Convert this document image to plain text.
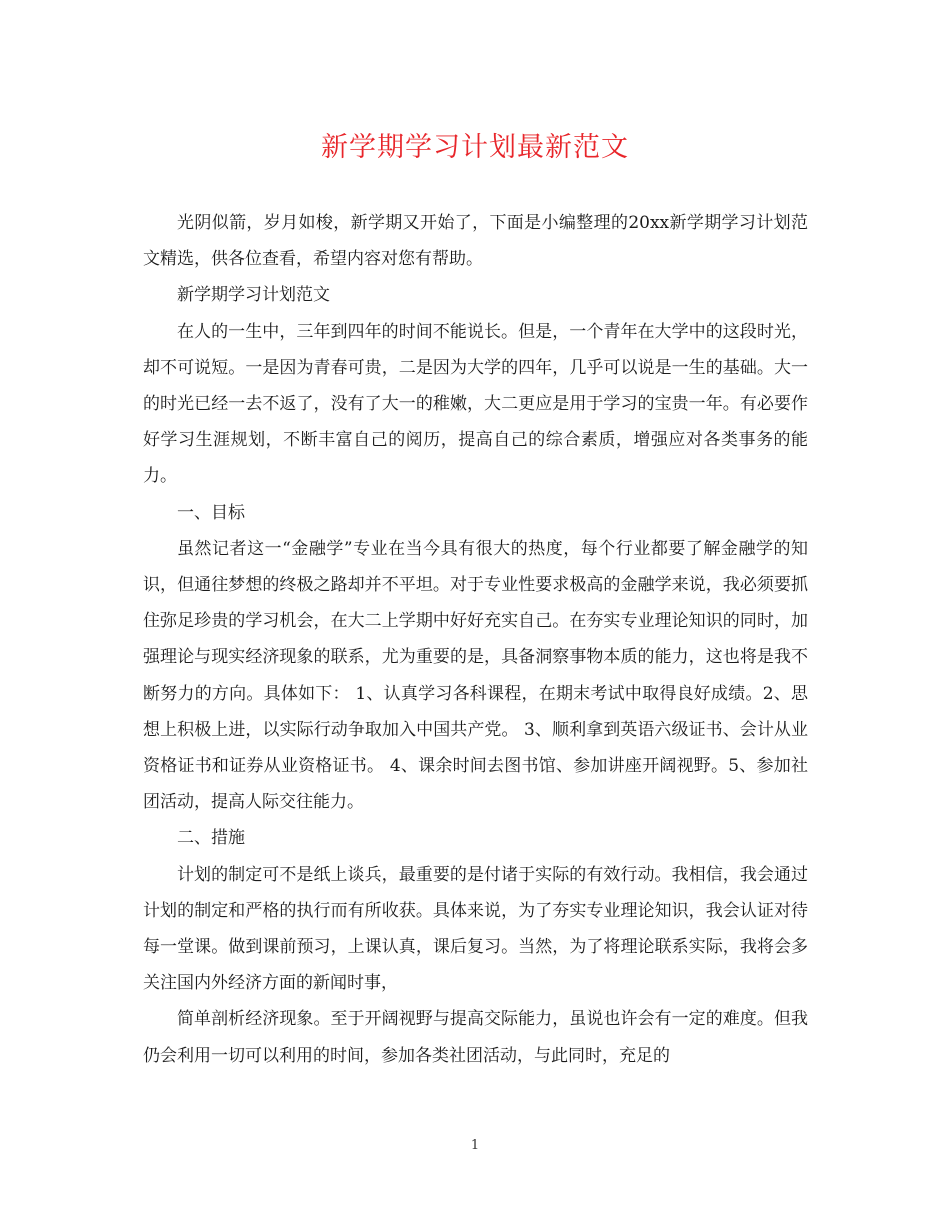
新学期学习计划最新范文

光阴似箭，岁月如梭，新学期又开始了，下面是小编整理的20xx新学期学习计划范文精选，供各位查看，希望内容对您有帮助。

新学期学习计划范文

在人的一生中，三年到四年的时间不能说长。但是，一个青年在大学中的这段时光，却不可说短。一是因为青春可贵，二是因为大学的四年，几乎可以说是一生的基础。大一的时光已经一去不返了，没有了大一的稚嫩，大二更应是用于学习的宝贵一年。有必要作好学习生涯规划，不断丰富自己的阅历，提高自己的综合素质，增强应对各类事务的能力。

一、目标

虽然记者这一“金融学”专业在当今具有很大的热度，每个行业都要了解金融学的知识，但通往梦想的终极之路却并不平坦。对于专业性要求极高的金融学来说，我必须要抓住弥足珍贵的学习机会，在大二上学期中好好充实自己。在夯实专业理论知识的同时，加强理论与现实经济现象的联系，尤为重要的是，具备洞察事物本质的能力，这也将是我不断努力的方向。具体如下： 1、认真学习各科课程，在期末考试中取得良好成绩。2、思想上积极上进，以实际行动争取加入中国共产党。 3、顺利拿到英语六级证书、会计从业资格证书和证券从业资格证书。 4、课余时间去图书馆、参加讲座开阔视野。5、参加社团活动，提高人际交往能力。

二、措施

计划的制定可不是纸上谈兵，最重要的是付诸于实际的有效行动。我相信，我会通过计划的制定和严格的执行而有所收获。具体来说，为了夯实专业理论知识，我会认证对待每一堂课。做到课前预习，上课认真，课后复习。当然，为了将理论联系实际，我将会多关注国内外经济方面的新闻时事，

简单剖析经济现象。至于开阔视野与提高交际能力，虽说也许会有一定的难度。但我仍会利用一切可以利用的时间，参加各类社团活动，与此同时，充足的

1
